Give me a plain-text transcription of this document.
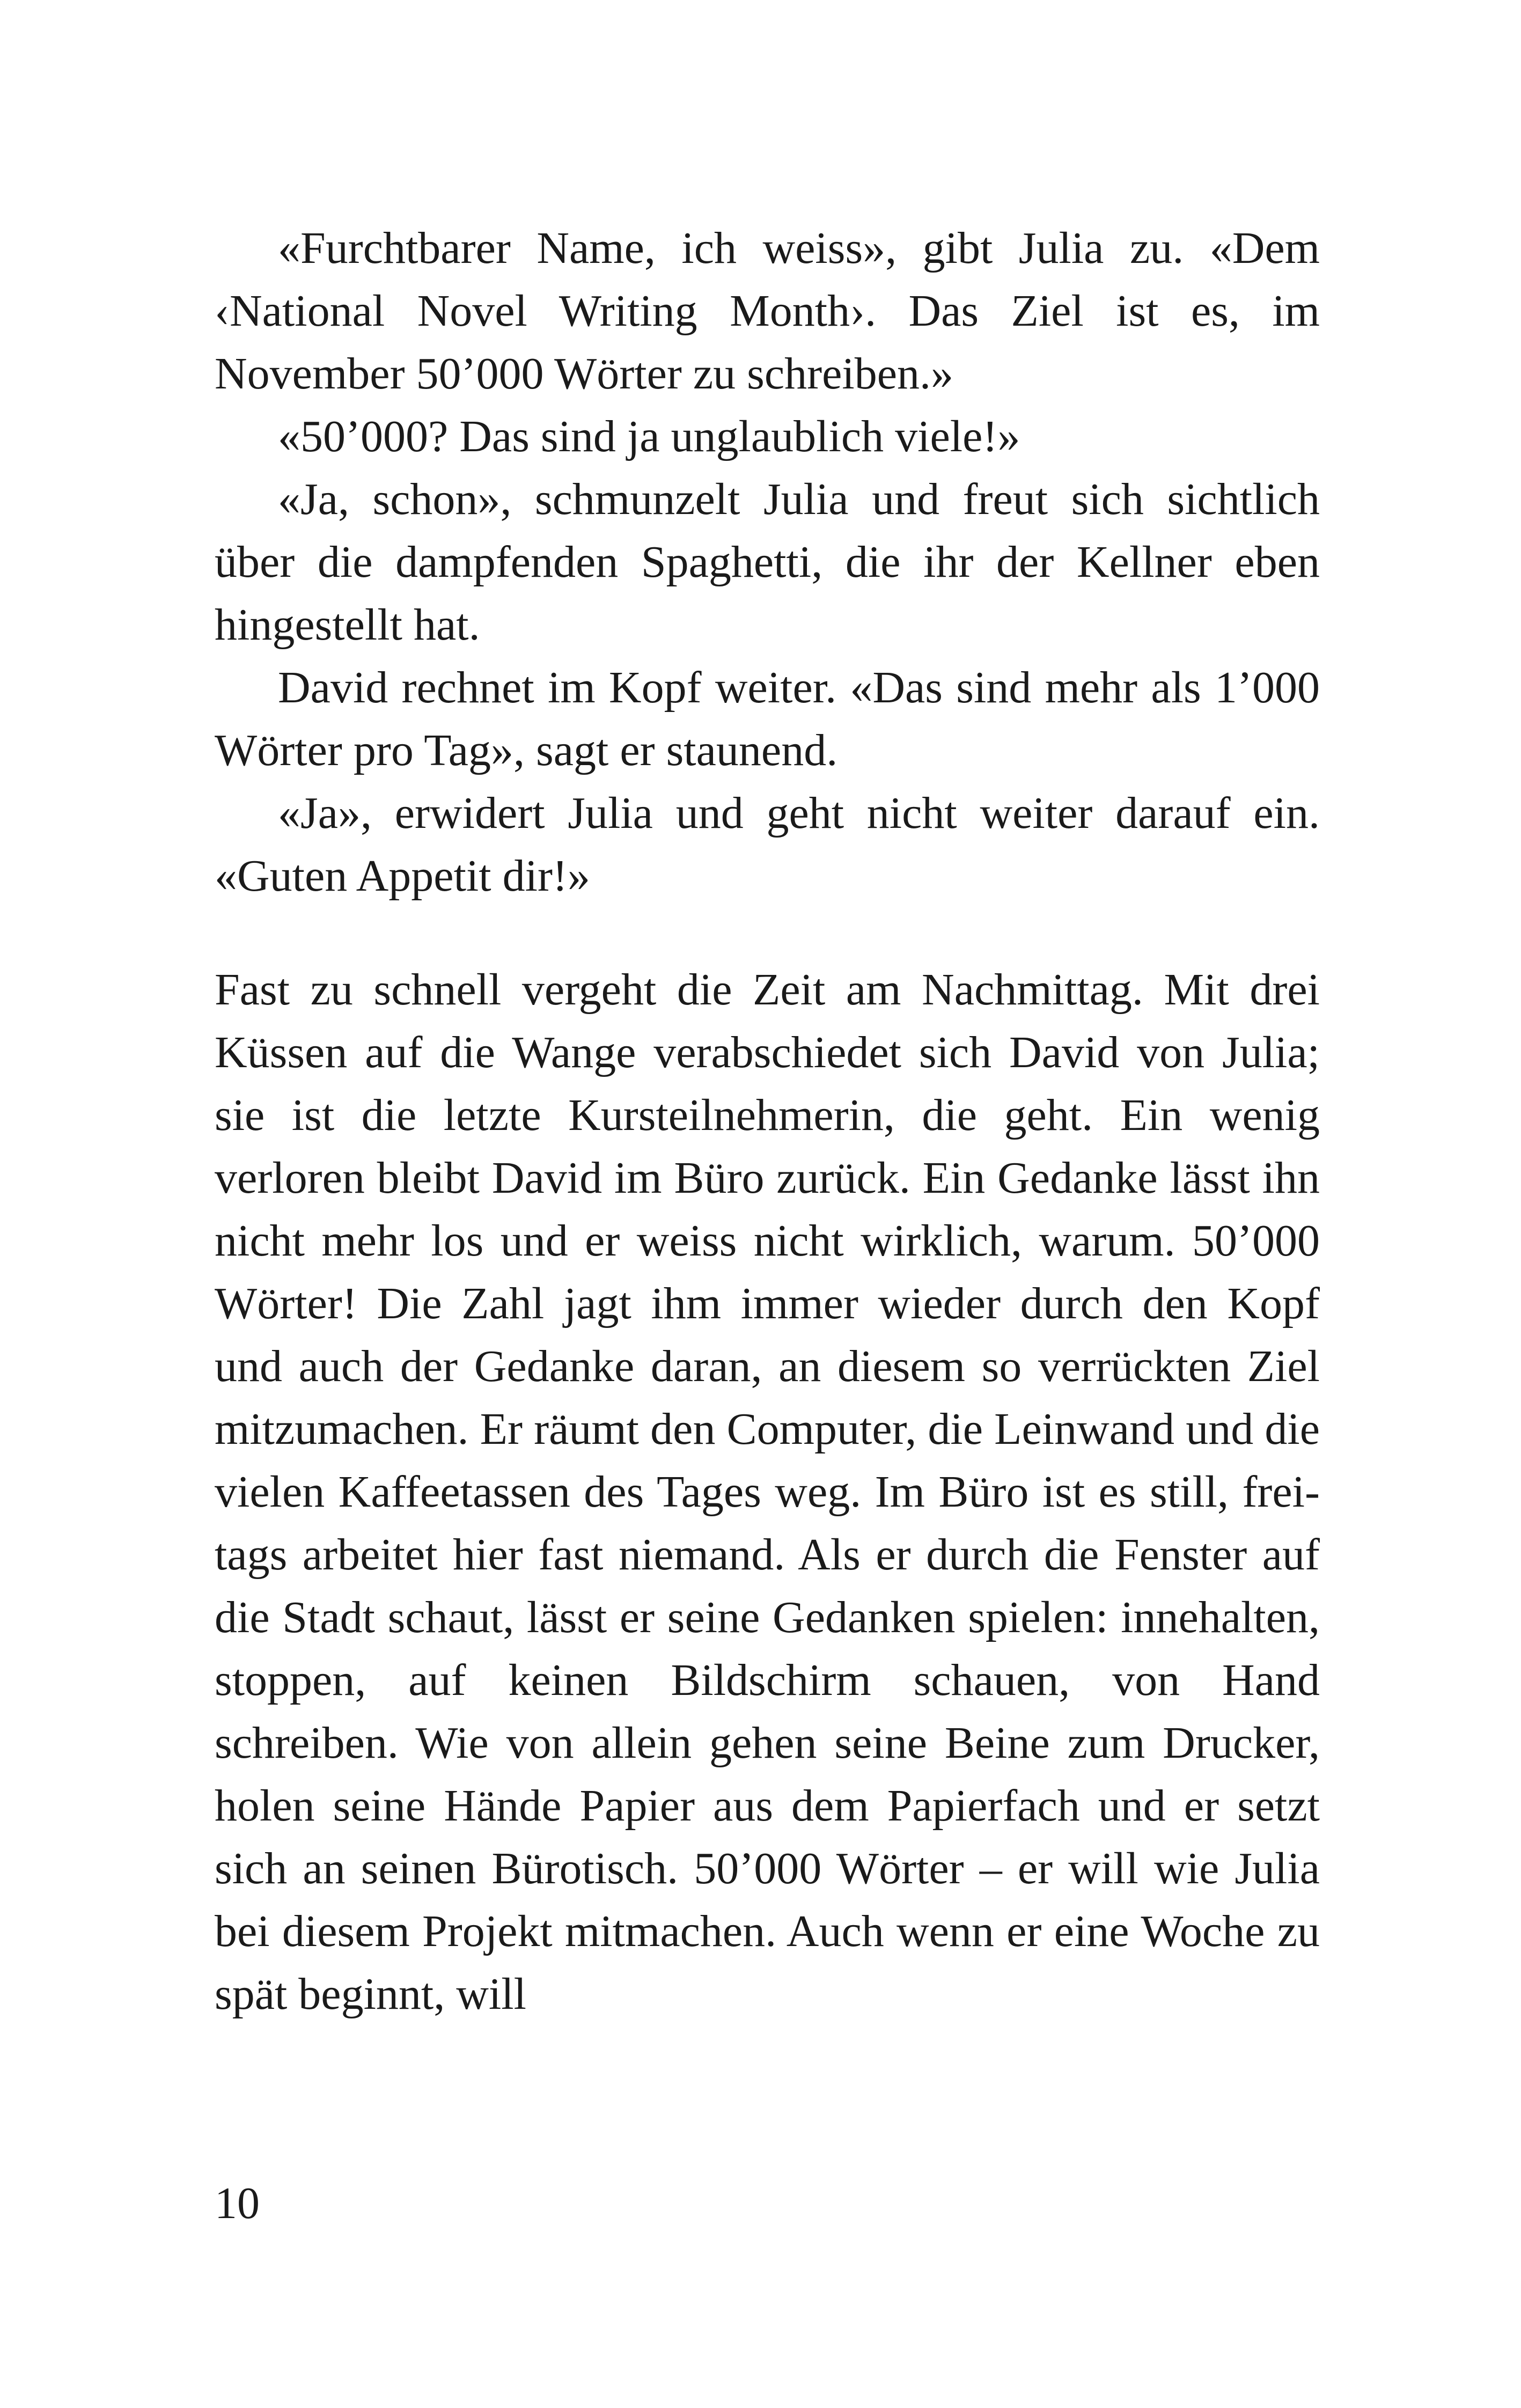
«Furchtbarer Name, ich weiss», gibt Julia zu. «Dem ‹National Novel Writing Month›. Das Ziel ist es, im November 50’000 Wörter zu schreiben.»

«50’000? Das sind ja unglaublich viele!»

«Ja, schon», schmunzelt Julia und freut sich sichtlich über die dampfenden Spaghetti, die ihr der Kellner eben hingestellt hat.

David rechnet im Kopf weiter. «Das sind mehr als 1’000 Wörter pro Tag», sagt er staunend.

«Ja», erwidert Julia und geht nicht weiter darauf ein. «Guten Appetit dir!»

Fast zu schnell vergeht die Zeit am Nachmittag. Mit drei Küssen auf die Wange verabschiedet sich David von Julia; sie ist die letzte Kursteilnehmerin, die geht. Ein wenig verloren bleibt David im Büro zurück. Ein Gedanke lässt ihn nicht mehr los und er weiss nicht wirklich, warum. 50’000 Wörter! Die Zahl jagt ihm immer wieder durch den Kopf und auch der Gedanke daran, an diesem so verrückten Ziel mitzumachen. Er räumt den Computer, die Leinwand und die vielen Kaffeetassen des Tages weg. Im Büro ist es still, freitags arbeitet hier fast niemand. Als er durch die Fenster auf die Stadt schaut, lässt er seine Gedanken spielen: innehalten, stoppen, auf keinen Bildschirm schauen, von Hand schreiben. Wie von allein gehen seine Beine zum Drucker, holen seine Hände Papier aus dem Papierfach und er setzt sich an seinen Bürotisch. 50’000 Wörter – er will wie Julia bei diesem Projekt mitmachen. Auch wenn er eine Woche zu spät beginnt, will

10
